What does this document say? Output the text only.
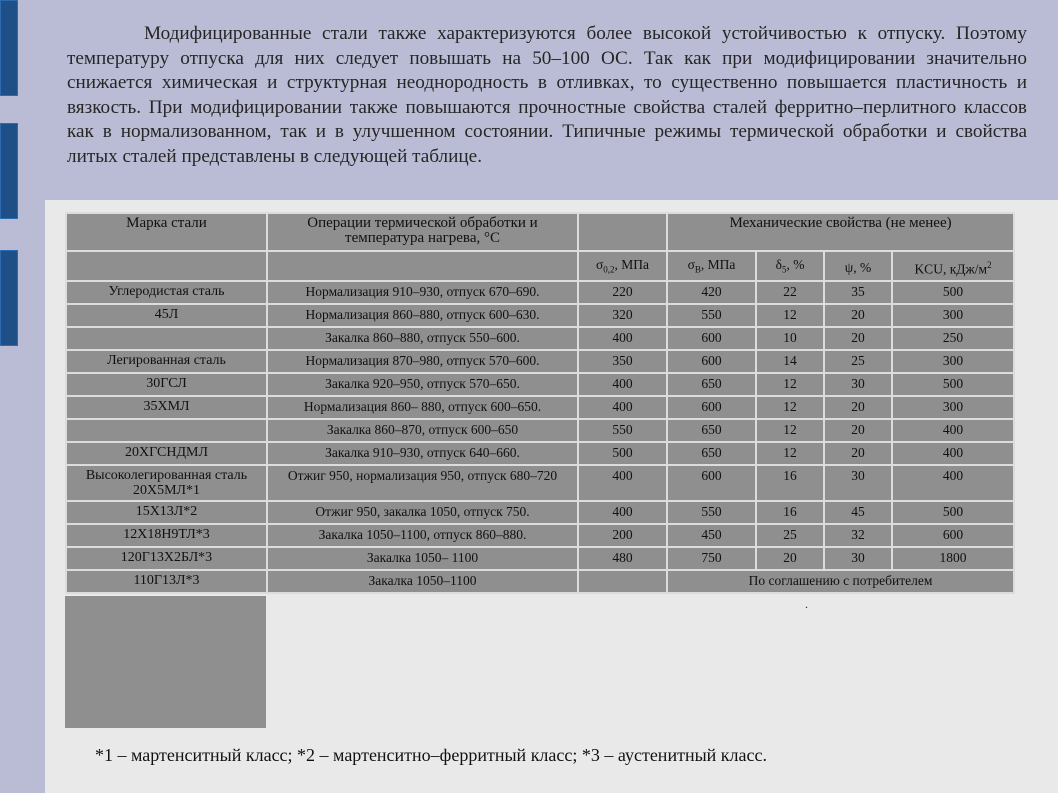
Модифицированные стали также характеризуются более высокой устойчивостью к отпуску. Поэтому температуру отпуска для них следует повышать на 50–100 ОС. Так как при модифицировании значительно снижается химическая и структурная неоднородность в отливках, то существенно повышается пластичность и вязкость. При модифицировании также повышаются прочностные свойства сталей ферритно–перлитного классов как в нормализованном, так и в улучшенном состоянии. Типичные режимы термической обработки и свойства литых сталей представлены в следующей таблице.

Марка стали	Операции термической обработки и температура нагрева, °С		Механические свойства (не менее)			
		$\sigma_{0,2}$, МПа	$\sigma_В$, МПа	$\delta_5$, %	ψ, %	KCU, кДж/$м^2$
Углеродистая сталь	Нормализация 910–930, отпуск 670–690.	220	420	22	35	500
45Л	Нормализация 860–880, отпуск 600–630.	320	550	12	20	300
	Закалка 860–880, отпуск 550–600.	400	600	10	20	250
Легированная сталь	Нормализация 870–980, отпуск 570–600.	350	600	14	25	300
30ГСЛ	Закалка 920–950, отпуск 570–650.	400	650	12	30	500
35ХМЛ	Нормализация 860– 880, отпуск 600–650.	400	600	12	20	300
	Закалка 860–870, отпуск 600–650	550	650	12	20	400
20ХГСНДМЛ	Закалка 910–930, отпуск 640–660.	500	650	12	20	400
Высоколегированная сталь 20Х5МЛ*1	Отжиг 950, нормализация 950, отпуск 680–720	400	600	16	30	400
15Х13Л*2	Отжиг 950, закалка 1050, отпуск 750.	400	550	16	45	500
12Х18Н9ТЛ*3	Закалка 1050–1100, отпуск 860–880.	200	450	25	32	600
120Г13Х2БЛ*3	Закалка 1050– 1100	480	750	20	30	1800
110Г13Л*3	Закалка 1050–1100		По соглашению с потребителем			
.

*1 – мартенситный класс; *2 – мартенситно–ферритный класс; *3 – аустенитный класс.
